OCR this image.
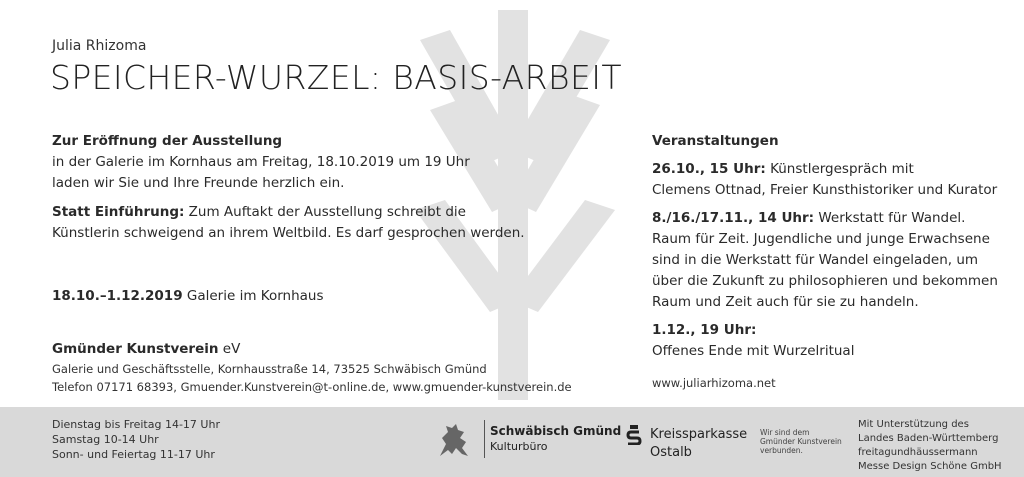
Julia Rhizoma
SPEICHER-WURZEL: BASIS-ARBEIT
Zur Eröffnung der Ausstellung
in der Galerie im Kornhaus am Freitag, 18.10.2019 um 19 Uhr
laden wir Sie und Ihre Freunde herzlich ein.
Statt Einführung: Zum Auftakt der Ausstellung schreibt die
Künstlerin schweigend an ihrem Weltbild. Es darf gesprochen werden.
18.10.–1.12.2019 Galerie im Kornhaus
Gmünder Kunstverein eV
Galerie und Geschäftsstelle, Kornhausstraße 14, 73525 Schwäbisch Gmünd
Telefon 07171 68393, Gmuender.Kunstverein@t-online.de, www.gmuender-kunstverein.de
Veranstaltungen
26.10., 15 Uhr: Künstlergespräch mit
Clemens Ottnad, Freier Kunsthistoriker und Kurator
8./16./17.11., 14 Uhr: Werkstatt für Wandel.
Raum für Zeit. Jugendliche und junge Erwachsene
sind in die Werkstatt für Wandel eingeladen, um
über die Zukunft zu philosophieren und bekommen
Raum und Zeit auch für sie zu handeln.
1.12., 19 Uhr:
Offenes Ende mit Wurzelritual
www.juliarhizoma.net
Dienstag bis Freitag 14-17 Uhr
Samstag 10-14 Uhr
Sonn- und Feiertag 11-17 Uhr
Schwäbisch Gmünd
Kulturbüro
Kreissparkasse
Ostalb
Wir sind dem
Gmünder Kunstverein
verbunden.
Mit Unterstützung des
Landes Baden-Württemberg
freitagundhäussermann
Messe Design Schöne GmbH
